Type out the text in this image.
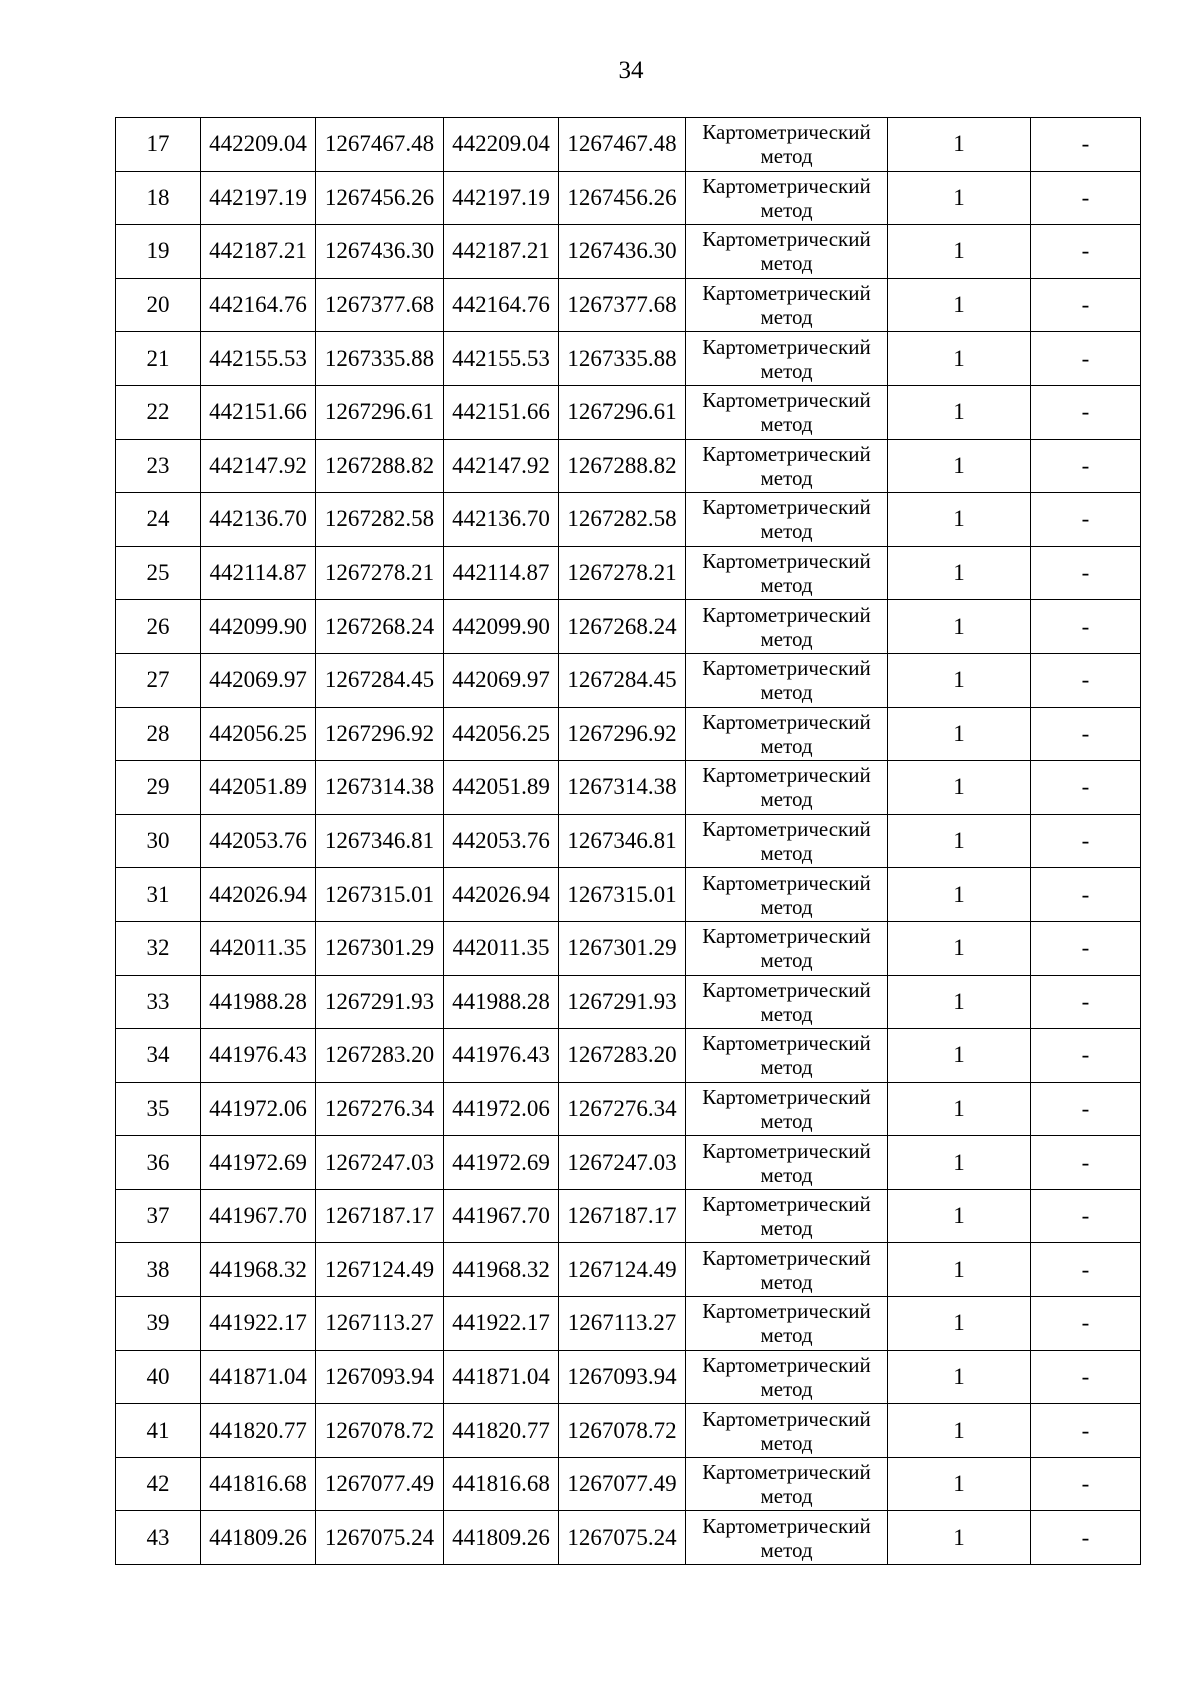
34
17	442209.04	1267467.48	442209.04	1267467.48	Картометрический
метод	1	-
18	442197.19	1267456.26	442197.19	1267456.26	Картометрический
метод	1	-
19	442187.21	1267436.30	442187.21	1267436.30	Картометрический
метод	1	-
20	442164.76	1267377.68	442164.76	1267377.68	Картометрический
метод	1	-
21	442155.53	1267335.88	442155.53	1267335.88	Картометрический
метод	1	-
22	442151.66	1267296.61	442151.66	1267296.61	Картометрический
метод	1	-
23	442147.92	1267288.82	442147.92	1267288.82	Картометрический
метод	1	-
24	442136.70	1267282.58	442136.70	1267282.58	Картометрический
метод	1	-
25	442114.87	1267278.21	442114.87	1267278.21	Картометрический
метод	1	-
26	442099.90	1267268.24	442099.90	1267268.24	Картометрический
метод	1	-
27	442069.97	1267284.45	442069.97	1267284.45	Картометрический
метод	1	-
28	442056.25	1267296.92	442056.25	1267296.92	Картометрический
метод	1	-
29	442051.89	1267314.38	442051.89	1267314.38	Картометрический
метод	1	-
30	442053.76	1267346.81	442053.76	1267346.81	Картометрический
метод	1	-
31	442026.94	1267315.01	442026.94	1267315.01	Картометрический
метод	1	-
32	442011.35	1267301.29	442011.35	1267301.29	Картометрический
метод	1	-
33	441988.28	1267291.93	441988.28	1267291.93	Картометрический
метод	1	-
34	441976.43	1267283.20	441976.43	1267283.20	Картометрический
метод	1	-
35	441972.06	1267276.34	441972.06	1267276.34	Картометрический
метод	1	-
36	441972.69	1267247.03	441972.69	1267247.03	Картометрический
метод	1	-
37	441967.70	1267187.17	441967.70	1267187.17	Картометрический
метод	1	-
38	441968.32	1267124.49	441968.32	1267124.49	Картометрический
метод	1	-
39	441922.17	1267113.27	441922.17	1267113.27	Картометрический
метод	1	-
40	441871.04	1267093.94	441871.04	1267093.94	Картометрический
метод	1	-
41	441820.77	1267078.72	441820.77	1267078.72	Картометрический
метод	1	-
42	441816.68	1267077.49	441816.68	1267077.49	Картометрический
метод	1	-
43	441809.26	1267075.24	441809.26	1267075.24	Картометрический
метод	1	-
